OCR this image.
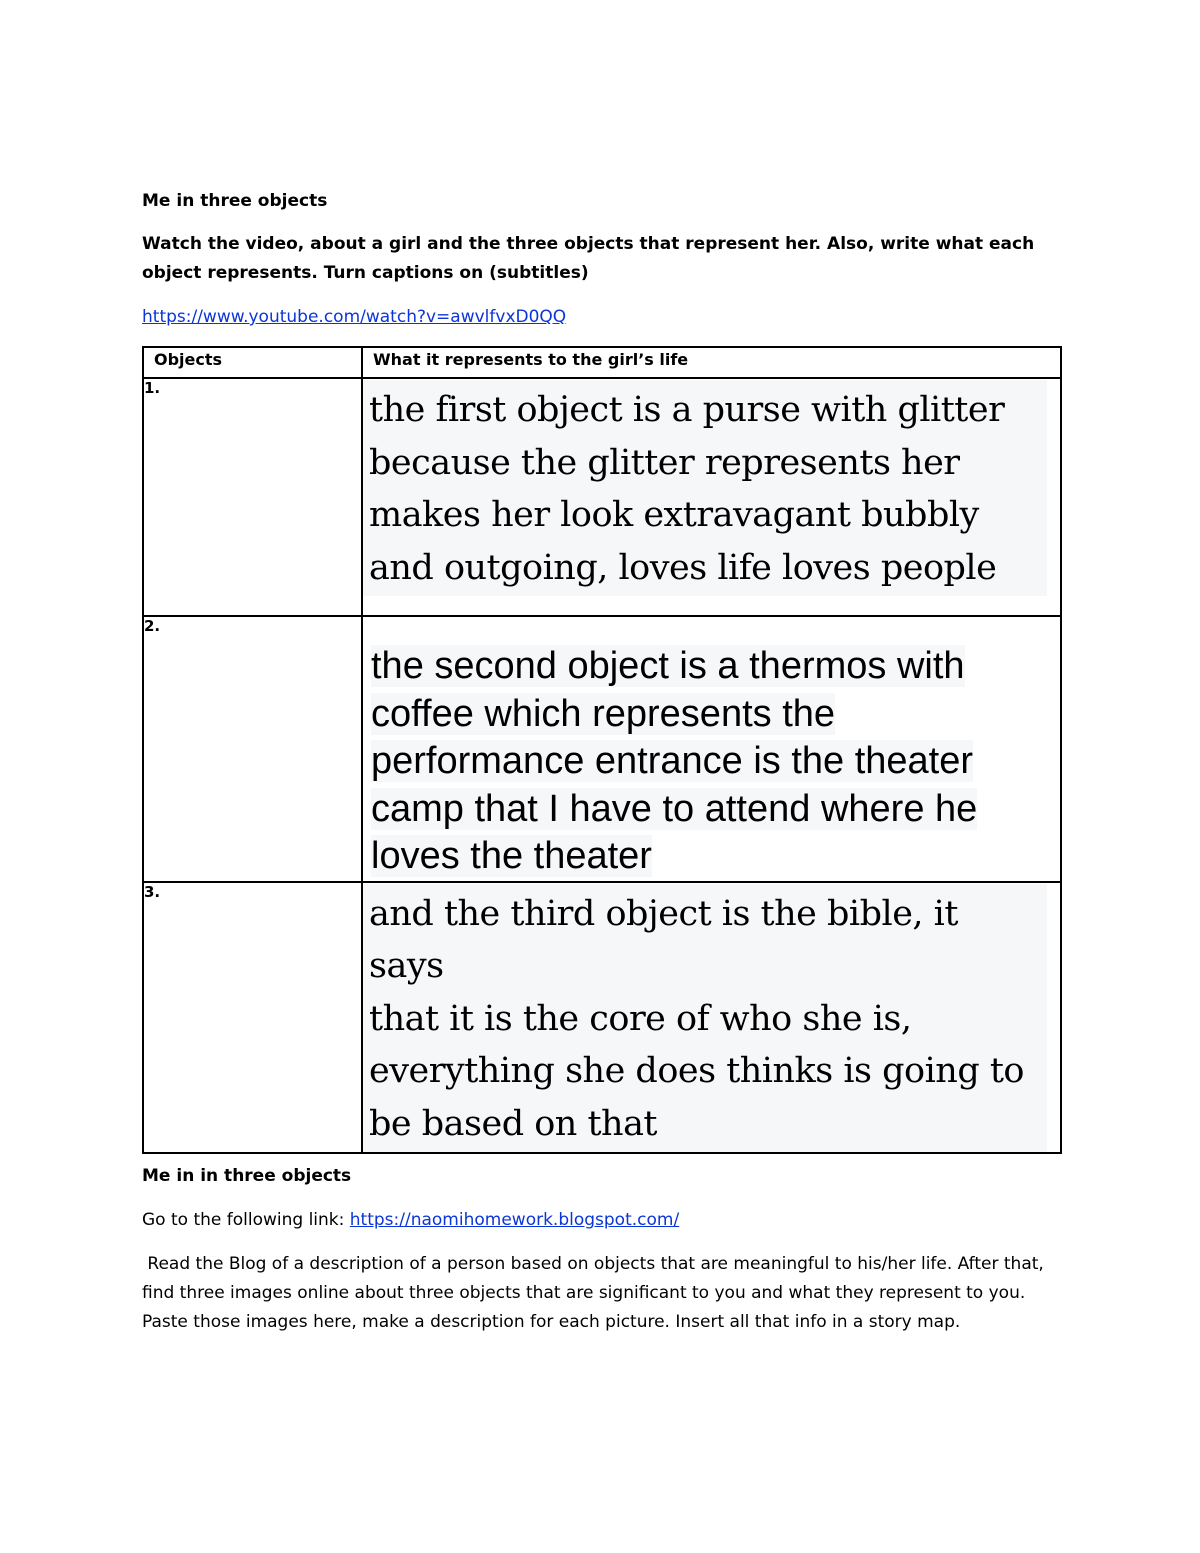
Me in three objects
Watch the video, about a girl and the three objects that represent her. Also, write what each object represents. Turn captions on (subtitles)
https://www.youtube.com/watch?v=awvlfvxD0QQ
Objects	What it represents to the girl’s life
1.	the first object is a purse with glitter
because the glitter represents her
makes her look extravagant bubbly
and outgoing, loves life loves people

2.	the second object is a thermos with
coffee which represents the
performance entrance is the theater
camp that I have to attend where he
loves the theater

3.	and the third object is the bible, it says
that it is the core of who she is,
everything she does thinks is going to
be based on that
Me in in three objects
Go to the following link: https://naomihomework.blogspot.com/
Read the Blog of a description of a person based on objects that are meaningful to his/her life. After that, find three images online about three objects that are significant to you and what they represent to you. Paste those images here, make a description for each picture. Insert all that info in a story map.
